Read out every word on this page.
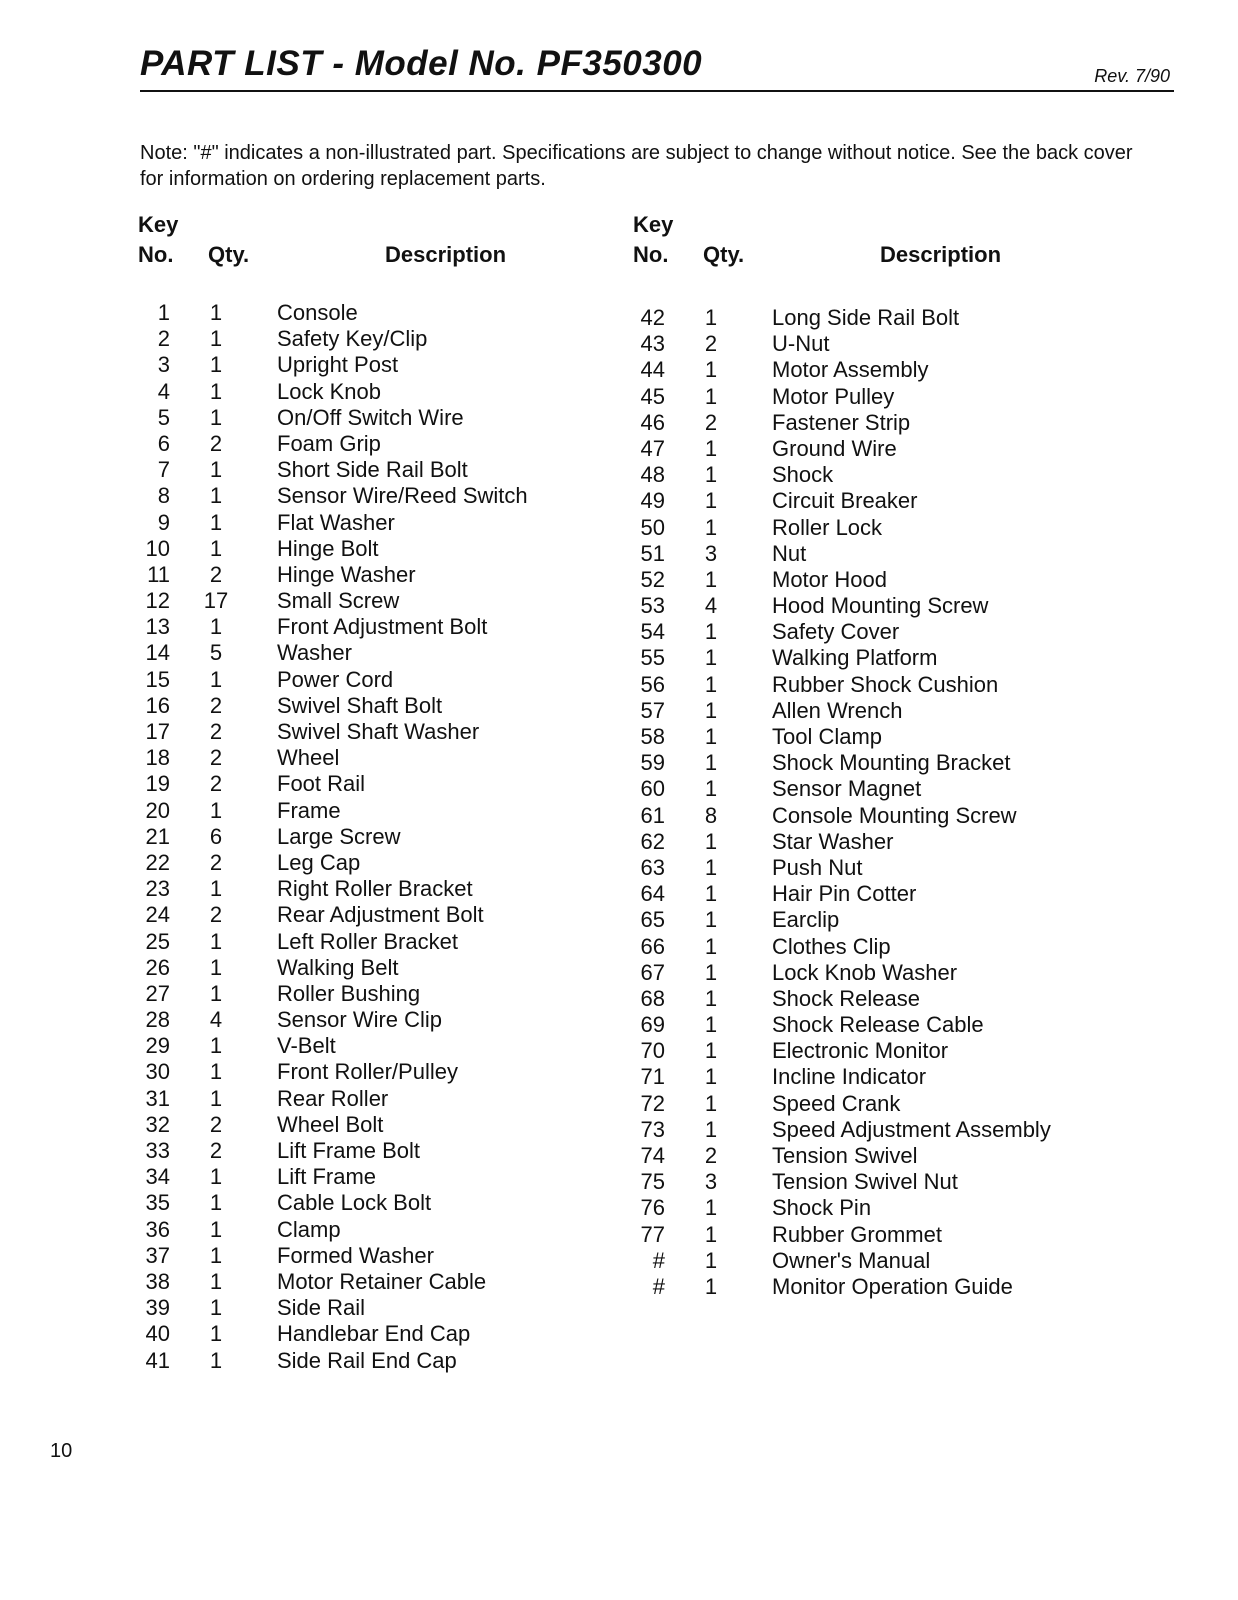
PART LIST - Model No. PF350300	Rev. 7/90
Note: "#" indicates a non-illustrated part. Specifications are subject to change without notice. See the back cover for information on ordering replacement parts.
Key
No. Qty.	Description
1	1	Console
2	1	Safety Key/Clip
3	1	Upright Post
4	1	Lock Knob
5	1	On/Off Switch Wire
6	2	Foam Grip
7	1	Short Side Rail Bolt
8	1	Sensor Wire/Reed Switch
9	1	Flat Washer
10	1	Hinge Bolt
11	2	Hinge Washer
12	17	Small Screw
13	1	Front Adjustment Bolt
14	5	Washer
15	1	Power Cord
16	2	Swivel Shaft Bolt
17	2	Swivel Shaft Washer
18	2	Wheel
19	2	Foot Rail
20	1	Frame
21	6	Large Screw
22	2	Leg Cap
23	1	Right Roller Bracket
24	2	Rear Adjustment Bolt
25	1	Left Roller Bracket
26	1	Walking Belt
27	1	Roller Bushing
28	4	Sensor Wire Clip
29	1	V-Belt
30	1	Front Roller/Pulley
31	1	Rear Roller
32	2	Wheel Bolt
33	2	Lift Frame Bolt
34	1	Lift Frame
35	1	Cable Lock Bolt
36	1	Clamp
37	1	Formed Washer
38	1	Motor Retainer Cable
39	1	Side Rail
40	1	Handlebar End Cap
41	1	Side Rail End Cap
Key
No. Qty.	Description
42	1	Long Side Rail Bolt
43	2	U-Nut
44	1	Motor Assembly
45	1	Motor Pulley
46	2	Fastener Strip
47	1	Ground Wire
48	1	Shock
49	1	Circuit Breaker
50	1	Roller Lock
51	3	Nut
52	1	Motor Hood
53	4	Hood Mounting Screw
54	1	Safety Cover
55	1	Walking Platform
56	1	Rubber Shock Cushion
57	1	Allen Wrench
58	1	Tool Clamp
59	1	Shock Mounting Bracket
60	1	Sensor Magnet
61	8	Console Mounting Screw
62	1	Star Washer
63	1	Push Nut
64	1	Hair Pin Cotter
65	1	Earclip
66	1	Clothes Clip
67	1	Lock Knob Washer
68	1	Shock Release
69	1	Shock Release Cable
70	1	Electronic Monitor
71	1	Incline Indicator
72	1	Speed Crank
73	1	Speed Adjustment Assembly
74	2	Tension Swivel
75	3	Tension Swivel Nut
76	1	Shock Pin
77	1	Rubber Grommet
#	1	Owner's Manual
#	1	Monitor Operation Guide
10
